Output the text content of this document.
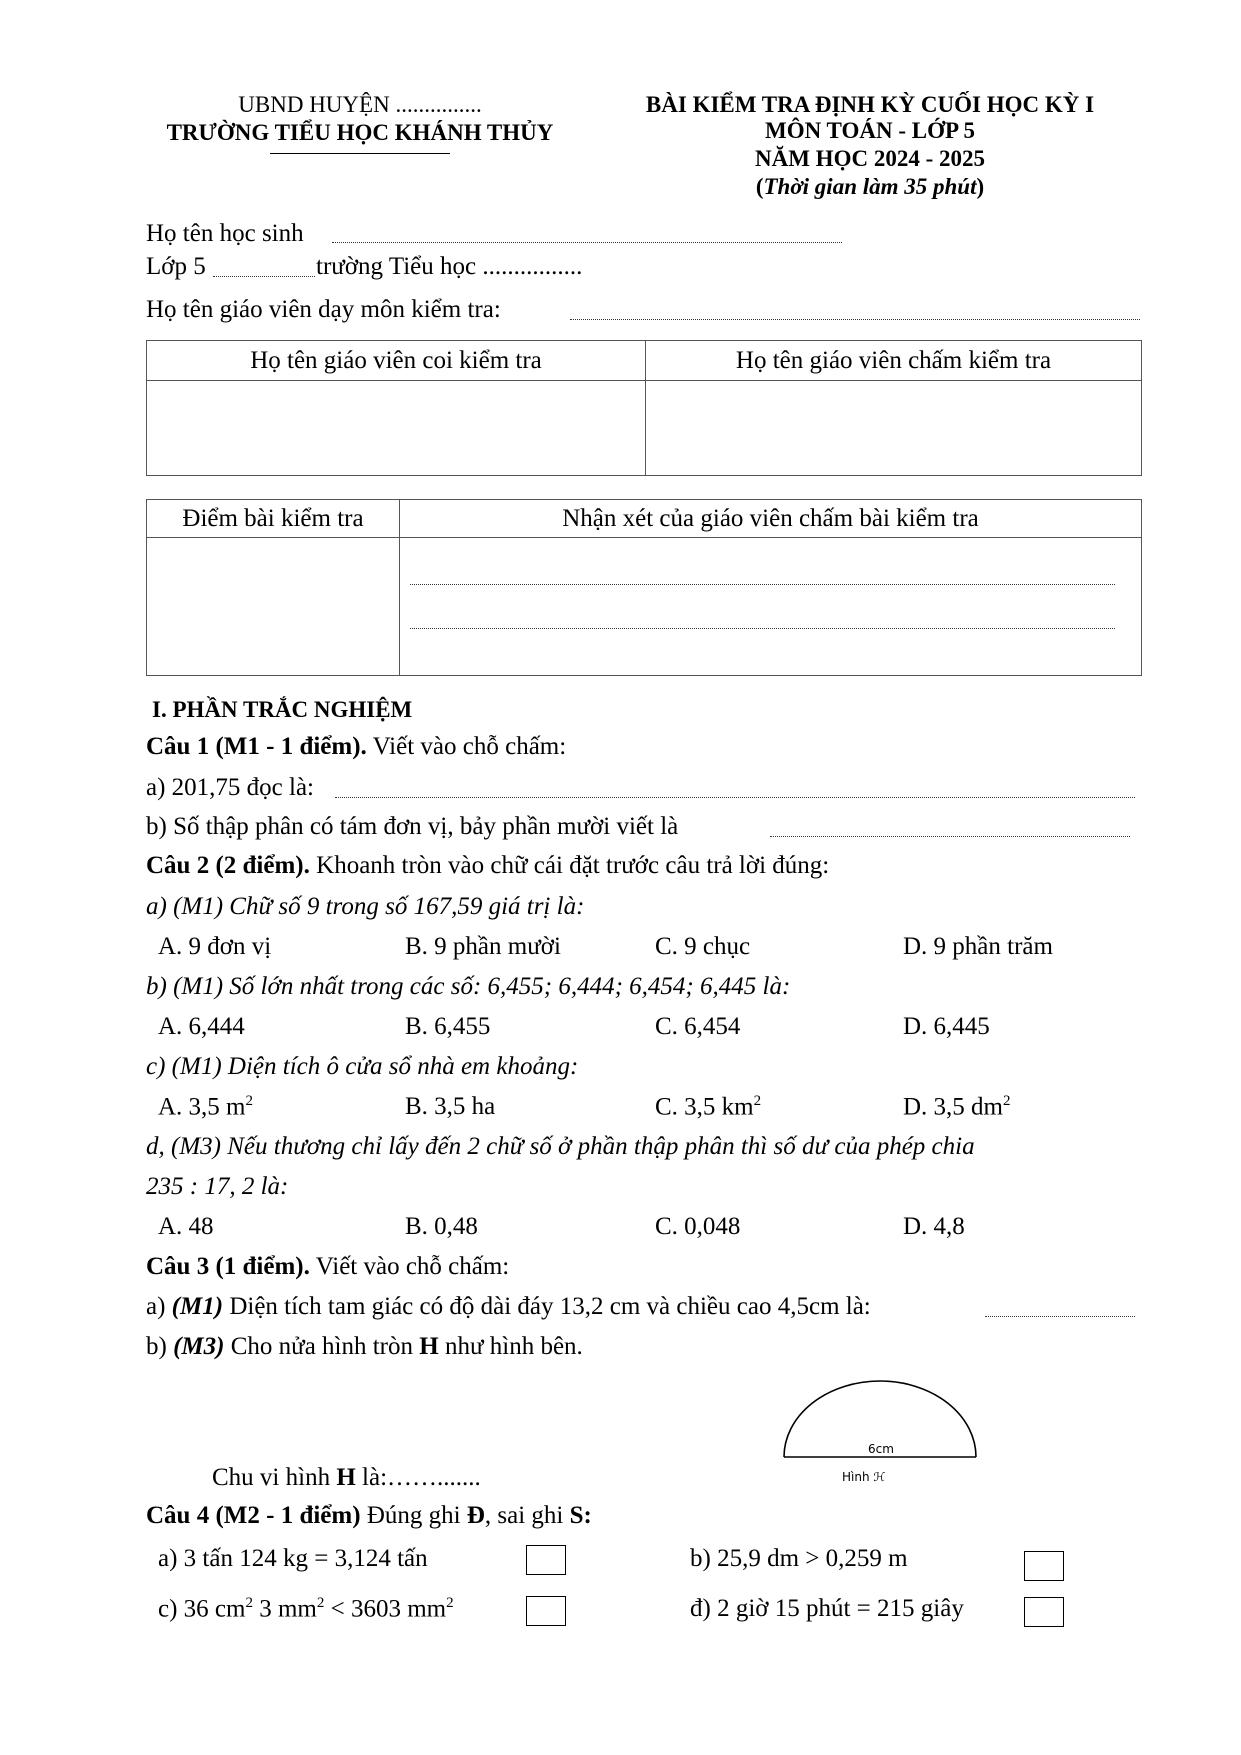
UBND HUYỆN ...............
TRƯỜNG TIỂU HỌC KHÁNH THỦY
BÀI KIỂM TRA ĐỊNH KỲ CUỐI HỌC KỲ I
MÔN TOÁN - LỚP 5
NĂM HỌC 2024 - 2025
(Thời gian làm 35 phút)
Họ tên học sinh
Lớp 5	trường Tiểu học ................
Họ tên giáo viên dạy môn kiểm tra:
Họ tên giáo viên coi kiểm tra	Họ tên giáo viên chấm kiểm tra

Điểm bài kiểm tra	Nhận xét của giáo viên chấm bài kiểm tra

I. PHẦN TRẮC NGHIỆM
Câu 1 (M1 - 1 điểm). Viết vào chỗ chấm:
a) 201,75 đọc là:
b) Số thập phân có tám đơn vị, bảy phần mười viết là
Câu 2 (2 điểm). Khoanh tròn vào chữ cái đặt trước câu trả lời đúng:
a) (M1) Chữ số 9 trong số 167,59 giá trị là:
A. 9 đơn vị	B. 9 phần mười	C. 9 chục	D. 9 phần trăm
b) (M1) Số lớn nhất trong các số: 6,455; 6,444; 6,454; 6,445 là:
A. 6,444	B. 6,455	C. 6,454	D. 6,445
c) (M1) Diện tích ô cửa sổ nhà em khoảng:
A. 3,5 $m^2$	B. 3,5 ha	C. 3,5 $km^2$	D. 3,5 $dm^2$
d, (M3) Nếu thương chỉ lấy đến 2 chữ số ở phần thập phân thì số dư của phép chia
235 : 17, 2 là:
A. 48	B. 0,48	C. 0,048	D. 4,8
Câu 3 (1 điểm). Viết vào chỗ chấm:
a) (M1) Diện tích tam giác có độ dài đáy 13,2 cm và chiều cao 4,5cm là:
b) (M3) Cho nửa hình tròn H như hình bên.
6cm
Hình ℋ
Chu vi hình H là:…….......
Câu 4 (M2 - 1 điểm) Đúng ghi Đ, sai ghi S:
a) 3 tấn 124 kg = 3,124 tấn	b) 25,9 dm > 0,259 m
c) 36 $cm^2$ 3 $mm^2 < 3603$ $mm^2$	đ) 2 giờ 15 phút = 215 giây
